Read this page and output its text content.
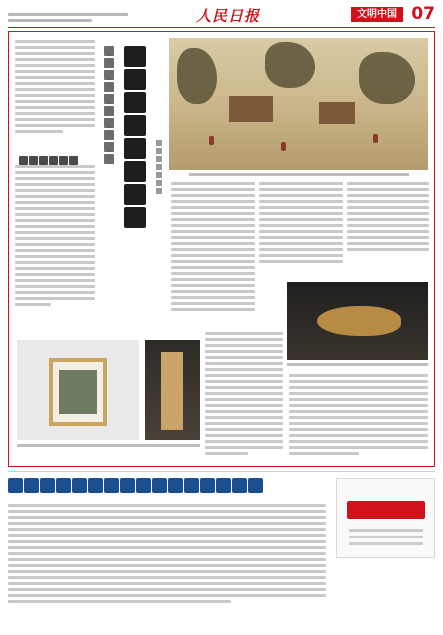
人民日报	文明中国 07
